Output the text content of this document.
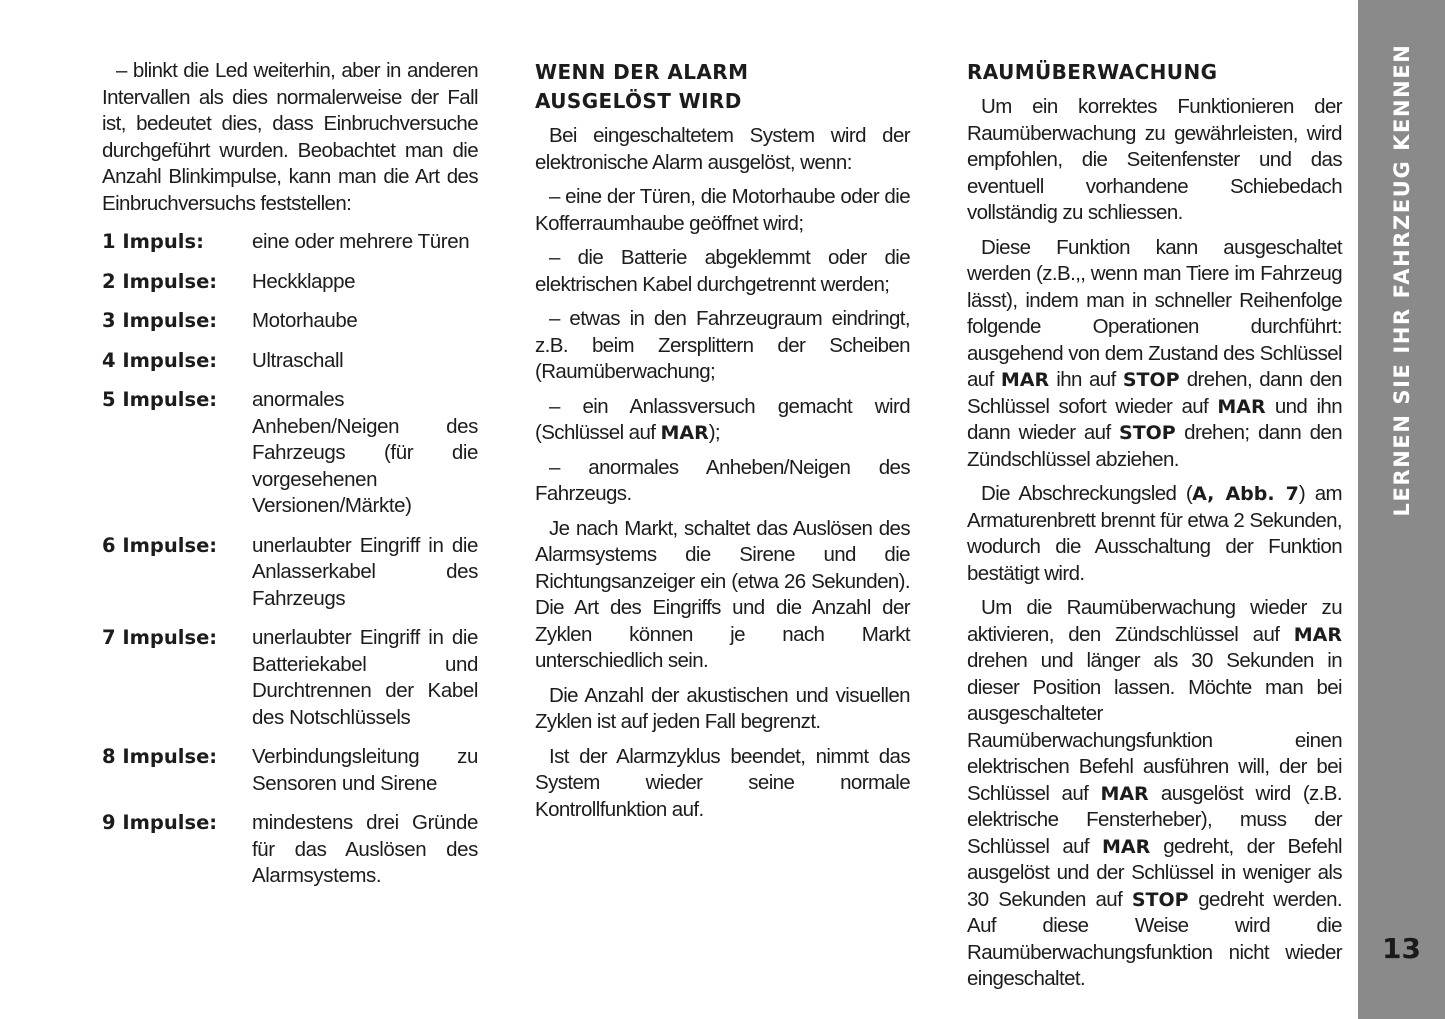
LERNEN SIE IHR FAHRZEUG KENNEN
13

– blinkt die Led weiterhin, aber in anderen Intervallen als dies normalerweise der Fall ist, bedeutet dies, dass Einbruchversuche durchgeführt wurden. Beobachtet man die Anzahl Blinkimpulse, kann man die Art des Einbruchversuchs feststellen:

1 Impuls:	eine oder mehrere Türen
2 Impulse:	Heckklappe
3 Impulse:	Motorhaube
4 Impulse:	Ultraschall
5 Impulse:	anormales Anheben/Neigen des Fahrzeugs (für die vorgesehenen Versionen/Märkte)
6 Impulse:	unerlaubter Eingriff in die Anlasserkabel des Fahrzeugs
7 Impulse:	unerlaubter Eingriff in die Batteriekabel und Durchtrennen der Kabel des Notschlüssels
8 Impulse:	Verbindungsleitung zu Sensoren und Sirene
9 Impulse:	mindestens drei Gründe für das Auslösen des Alarmsystems.
WENN DER ALARM
AUSGELÖST WIRD

Bei eingeschaltetem System wird der elektronische Alarm ausgelöst, wenn:

– eine der Türen, die Motorhaube oder die Kofferraumhaube geöffnet wird;

– die Batterie abgeklemmt oder die elektrischen Kabel durchgetrennt werden;

– etwas in den Fahrzeugraum eindringt, z.B. beim Zersplittern der Scheiben (Raumüberwachung;

– ein Anlassversuch gemacht wird (Schlüssel auf MAR);

– anormales Anheben/Neigen des Fahrzeugs.

Je nach Markt, schaltet das Auslösen des Alarmsystems die Sirene und die Richtungsanzeiger ein (etwa 26 Sekunden). Die Art des Eingriffs und die Anzahl der Zyklen können je nach Markt unterschiedlich sein.

Die Anzahl der akustischen und visuellen Zyklen ist auf jeden Fall begrenzt.

Ist der Alarmzyklus beendet, nimmt das System wieder seine normale Kontrollfunktion auf.

RAUMÜBERWACHUNG

Um ein korrektes Funktionieren der Raumüberwachung zu gewährleisten, wird empfohlen, die Seitenfenster und das eventuell vorhandene Schiebedach vollständig zu schliessen.

Diese Funktion kann ausgeschaltet werden (z.B.,, wenn man Tiere im Fahrzeug lässt), indem man in schneller Reihenfolge folgende Operationen durchführt: ausgehend von dem Zustand des Schlüssel auf MAR ihn auf STOP drehen, dann den Schlüssel sofort wieder auf MAR und ihn dann wieder auf STOP drehen; dann den Zündschlüssel abziehen.

Die Abschreckungsled (A, Abb. 7) am Armaturenbrett brennt für etwa 2 Sekunden, wodurch die Ausschaltung der Funktion bestätigt wird.

Um die Raumüberwachung wieder zu aktivieren, den Zündschlüssel auf MAR drehen und länger als 30 Sekunden in dieser Position lassen. Möchte man bei ausgeschalteter Raumüberwachungsfunktion einen elektrischen Befehl ausführen will, der bei Schlüssel auf MAR ausgelöst wird (z.B. elektrische Fensterheber), muss der Schlüssel auf MAR gedreht, der Befehl ausgelöst und der Schlüssel in weniger als 30 Sekunden auf STOP gedreht werden. Auf diese Weise wird die Raumüberwachungsfunktion nicht wieder eingeschaltet.
